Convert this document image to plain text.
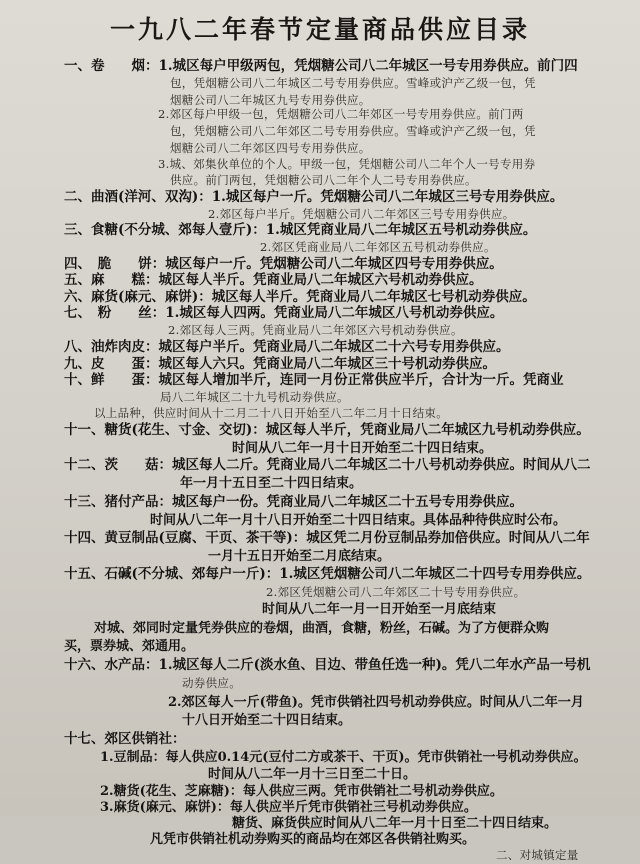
一九八二年春节定量商品供应目录
一、卷　　烟：1.城区每户甲级两包，凭烟糖公司八二年城区一号专用券供应。前门四
包，凭烟糖公司八二年城区二号专用券供应。雪峰或沪产乙级一包，凭
烟糖公司八二年城区九号专用券供应。
2.郊区每户甲级一包，凭烟糖公司八二年郊区一号专用券供应。前门两
包，凭烟糖公司八二年郊区二号专用券供应。雪峰或沪产乙级一包，凭
烟糖公司八二年郊区四号专用券供应。
3.城、郊集伙单位的个人。甲级一包，凭烟糖公司八二年个人一号专用券
供应。前门两包，凭烟糖公司八二年个人二号专用券供应。
二、曲酒(洋河、双沟)：1.城区每户一斤。凭烟糖公司八二年城区三号专用券供应。
2.郊区每户半斤。凭烟糖公司八二年郊区三号专用券供应。
三、食糖(不分城、郊每人壹斤)：1.城区凭商业局八二年城区五号机动券供应。
2.郊区凭商业局八二年郊区五号机动券供应。
四、　脆　　饼：城区每户一斤。凭烟糖公司八二年城区四号专用券供应。
五、麻　　糕：城区每人半斤。凭商业局八二年城区六号机动券供应。
六、麻货(麻元、麻饼)：城区每人半斤。凭商业局八二年城区七号机动券供应。
七、　粉　　丝：1.城区每人四两。凭商业局八二年城区八号机动券供应。
2.郊区每人三两。凭商业局八二年郊区六号机动券供应。
八、油炸肉皮：城区每户半斤。凭商业局八二年城区二十六号专用券供应。
九、皮　　蛋：城区每人六只。凭商业局八二年城区三十号机动券供应。
十、鲜　　蛋：城区每人增加半斤，连同一月份正常供应半斤，合计为一斤。凭商业
局八二年城区二十九号机动券供应。
以上品种，供应时间从十二月二十八日开始至八二年二月十日结束。
十一、糖货(花生、寸金、交切)：城区每人半斤，凭商业局八二年城区九号机动券供应。
时间从八二年一月十日开始至二十四日结束。
十二、茨　　菇：城区每人二斤。凭商业局八二年城区二十八号机动券供应。时间从八二
年一月十五日至二十四日结束。
十三、猪付产品：城区每户一份。凭商业局八二年城区二十五号专用券供应。
时间从八二年一月十八日开始至二十四日结束。具体品种待供应时公布。
十四、黄豆制品(豆腐、干页、茶干等)：城区凭二月份豆制品券加倍供应。时间从八二年
一月十五日开始至二月底结束。
十五、石碱(不分城、郊每户一斤)：1.城区凭烟糖公司八二年城区二十四号专用券供应。
2.郊区凭烟糖公司八二年郊区二十号专用券供应。
时间从八二年一月一日开始至一月底结束
对城、郊同时定量凭券供应的卷烟，曲酒，食糖，粉丝，石碱。为了方便群众购
买，票券城、郊通用。
十六、水产品：1.城区每人二斤(淡水鱼、目边、带鱼任选一种)。凭八二年水产品一号机
动券供应。
2.郊区每人一斤(带鱼)。凭市供销社四号机动券供应。时间从八二年一月
十八日开始至二十四日结束。
十七、郊区供销社：
1.豆制品：每人供应0.14元(豆付二方或茶干、干页)。凭市供销社一号机动券供应。
时间从八二年一月十三日至二十日。
2.糖货(花生、芝麻糖)：每人供应三两。凭市供销社二号机动券供应。
3.麻货(麻元、麻饼)：每人供应半斤凭市供销社三号机动券供应。
糖货、麻货供应时间从八二年一月十日至二十四日结束。
凡凭市供销社机动券购买的商品均在郊区各供销社购买。
二、对城镇定量
